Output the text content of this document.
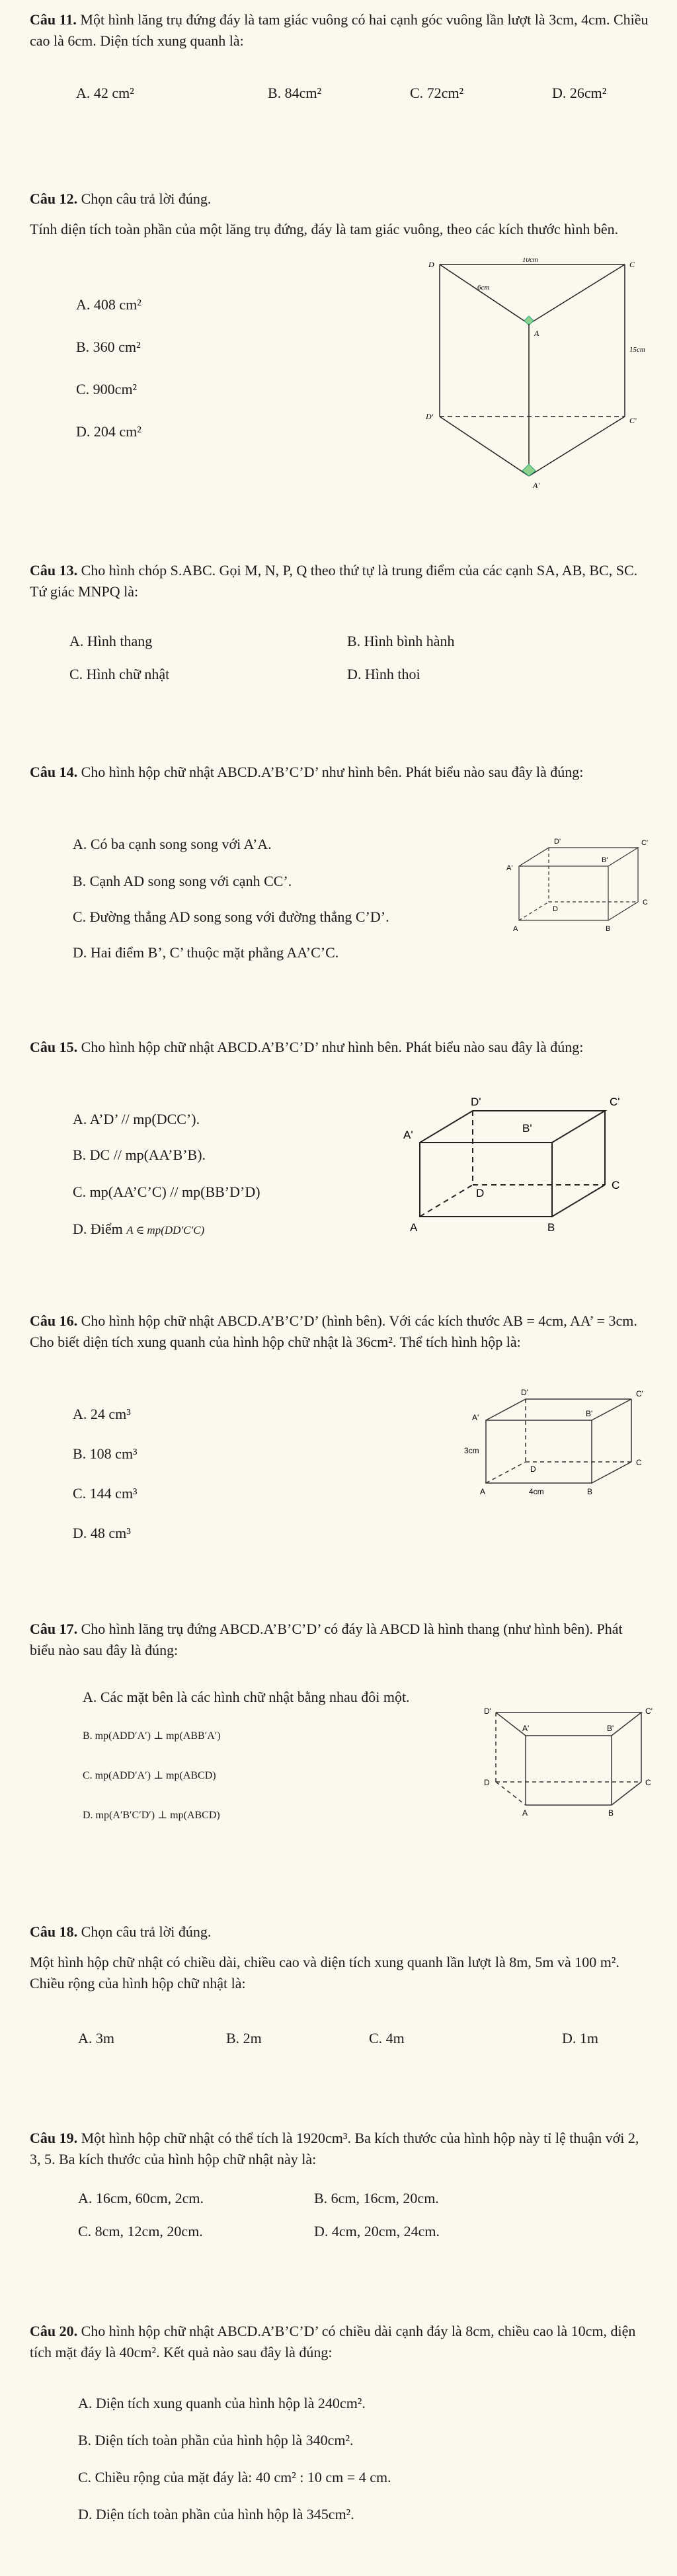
Câu 11. Một hình lăng trụ đứng đáy là tam giác vuông có hai cạnh góc vuông lần lượt là 3cm, 4cm. Chiều cao là 6cm. Diện tích xung quanh là:

A. 42 cm²	B. 84cm²	C. 72cm²	D. 26cm²

Câu 12. Chọn câu trả lời đúng.

Tính diện tích toàn phần của một lăng trụ đứng, đáy là tam giác vuông, theo các kích thước hình bên.

A. 408 cm²
B. 360 cm²
C. 900cm²
D. 204 cm²
D	C
A
D'	C'
A'
10cm
6cm
15cm

Câu 13. Cho hình chóp S.ABC. Gọi M, N, P, Q theo thứ tự là trung điểm của các cạnh SA, AB, BC, SC. Tứ giác MNPQ là:

A. Hình thang	B. Hình bình hành
C. Hình chữ nhật	D. Hình thoi

Câu 14. Cho hình hộp chữ nhật ABCD.A’B’C’D’ như hình bên. Phát biểu nào sau đây là đúng:

A. Có ba cạnh song song với A’A.
B. Cạnh AD song song với cạnh CC’.
C. Đường thẳng AD song song với đường thẳng C’D’.
D. Hai điểm B’, C’ thuộc mặt phẳng AA’C’C.
A'
D'	C'
B'
C
D
A	B

Câu 15. Cho hình hộp chữ nhật ABCD.A’B’C’D’ như hình bên. Phát biểu nào sau đây là đúng:

A. A’D’ // mp(DCC’).
B. DC // mp(AA’B’B).
C. mp(AA’C’C) // mp(BB’D’D)
D. Điểm A ∈ mp(DD′C′C)
A'
D'	C'
B'
C
D
A	B

Câu 16. Cho hình hộp chữ nhật ABCD.A’B’C’D’ (hình bên). Với các kích thước AB = 4cm, AA’ = 3cm. Cho biết diện tích xung quanh của hình hộp chữ nhật là 36cm². Thể tích hình hộp là:

A. 24 cm³
B. 108 cm³
C. 144 cm³
D. 48 cm³
A'
D'	C'
B'
C
D
A	B
3cm
4cm

Câu 17. Cho hình lăng trụ đứng ABCD.A’B’C’D’ có đáy là ABCD là hình thang (như hình bên). Phát biểu nào sau đây là đúng:

A. Các mặt bên là các hình chữ nhật bằng nhau đôi một.
B. mp(ADD′A′) ⊥ mp(ABB′A′)
C. mp(ADD′A′) ⊥ mp(ABCD)
D. mp(A′B′C′D′) ⊥ mp(ABCD)
D'	C'
A'	B'
D	C
A	B

Câu 18. Chọn câu trả lời đúng.

Một hình hộp chữ nhật có chiều dài, chiều cao và diện tích xung quanh lần lượt là 8m, 5m và 100 m². Chiều rộng của hình hộp chữ nhật là:

A. 3m	B. 2m	C. 4m	D. 1m

Câu 19. Một hình hộp chữ nhật có thể tích là 1920cm³. Ba kích thước của hình hộp này tỉ lệ thuận với 2, 3, 5. Ba kích thước của hình hộp chữ nhật này là:

A. 16cm, 60cm, 2cm.	B. 6cm, 16cm, 20cm.
C. 8cm, 12cm, 20cm.	D. 4cm, 20cm, 24cm.

Câu 20. Cho hình hộp chữ nhật ABCD.A’B’C’D’ có chiều dài cạnh đáy là 8cm, chiều cao là 10cm, diện tích mặt đáy là 40cm². Kết quả nào sau đây là đúng:

A. Diện tích xung quanh của hình hộp là 240cm².
B. Diện tích toàn phần của hình hộp là 340cm².
C. Chiều rộng của mặt đáy là: 40 cm² : 10 cm = 4 cm.
D. Diện tích toàn phần của hình hộp là 345cm².
